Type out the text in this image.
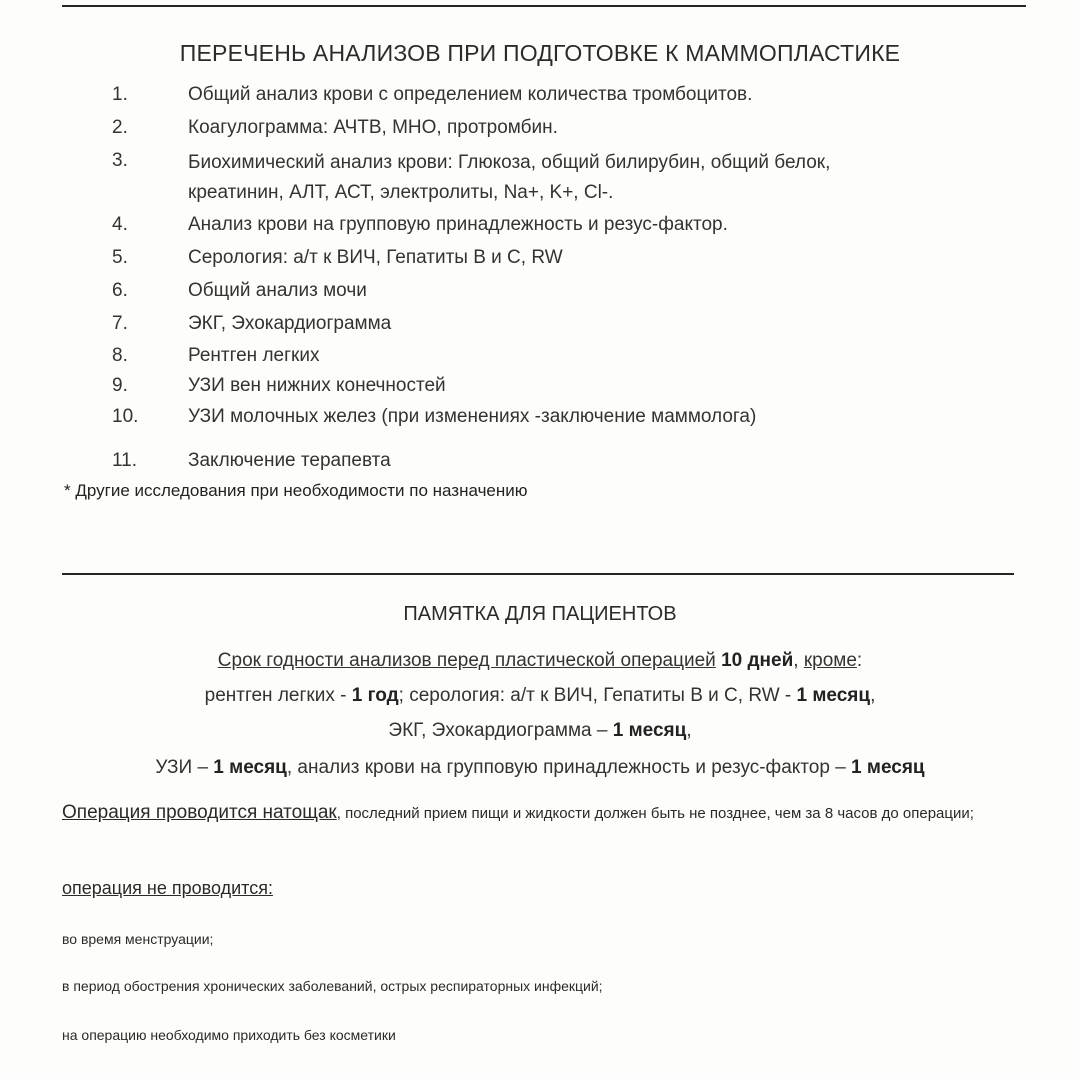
ПЕРЕЧЕНЬ АНАЛИЗОВ ПРИ ПОДГОТОВКЕ К МАММОПЛАСТИКЕ
1.	Общий анализ крови с определением количества тромбоцитов.
2.	Коагулограмма: АЧТВ, МНО, протромбин.
3.	Биохимический анализ крови: Глюкоза, общий билирубин, общий белок,
креатинин, АЛТ, АСТ, электролиты, Na+, K+, Cl-.
4.	Анализ крови на групповую принадлежность и резус-фактор.
5.	Серология: а/т к ВИЧ, Гепатиты В и С, RW
6.	Общий анализ мочи
7.	ЭКГ, Эхокардиограмма
8.	Рентген легких
9.	УЗИ вен нижних конечностей
10.	УЗИ молочных желез (при изменениях -заключение маммолога)
11.	Заключение терапевта
* Другие исследования при необходимости по назначению
ПАМЯТКА ДЛЯ ПАЦИЕНТОВ
Срок годности анализов перед пластической операцией 10 дней, кроме:
рентген легких - 1 год; серология: а/т к ВИЧ, Гепатиты В и С, RW - 1 месяц,
ЭКГ, Эхокардиограмма – 1 месяц,
УЗИ – 1 месяц, анализ крови на групповую принадлежность и резус-фактор – 1 месяц
Операция проводится натощак, последний прием пищи и жидкости должен быть не позднее, чем за 8 часов до операции;
операция не проводится:
во время менструации;
в период обострения хронических заболеваний, острых респираторных инфекций;
на операцию необходимо приходить без косметики
